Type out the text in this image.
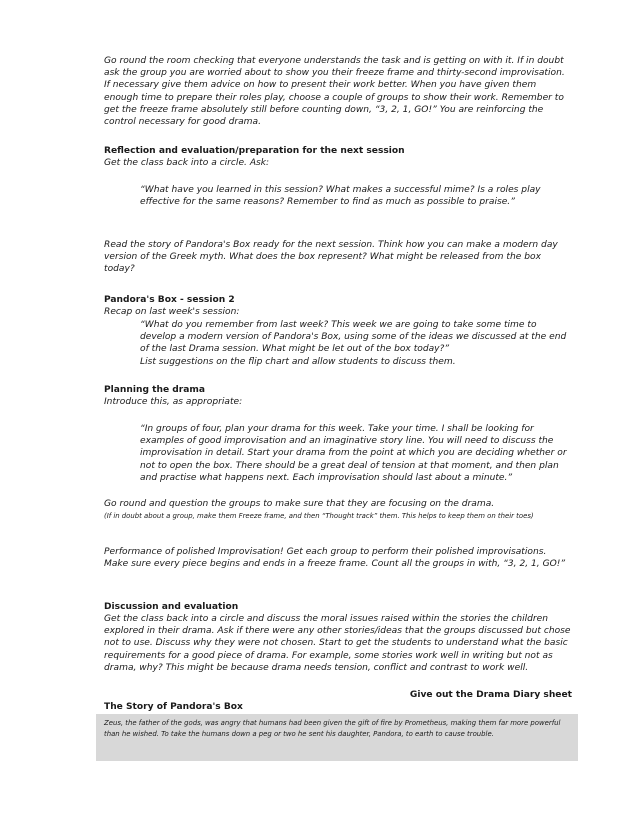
Go round the room checking that everyone understands the task and is getting on with it. If in doubt ask the group you are worried about to show you their freeze frame and thirty-second improvisation. If necessary give them advice on how to present their work better. When you have given them enough time to prepare their roles play, choose a couple of groups to show their work. Remember to get the freeze frame absolutely still before counting down, “3, 2, 1, GO!” You are reinforcing the control necessary for good drama.

Reflection and evaluation/preparation for the next session

Get the class back into a circle. Ask:

“What have you learned in this session? What makes a successful mime? Is a roles play effective for the same reasons? Remember to find as much as possible to praise.”

Read the story of Pandora's Box ready for the next session. Think how you can make a modern day version of the Greek myth. What does the box represent? What might be released from the box today?

Pandora's Box - session 2

Recap on last week's session:

“What do you remember from last week? This week we are going to take some time to develop a modern version of Pandora's Box, using some of the ideas we discussed at the end of the last Drama session. What might be let out of the box today?”

List suggestions on the flip chart and allow students to discuss them.

Planning the drama

Introduce this, as appropriate:

“In groups of four, plan your drama for this week. Take your time. I shall be looking for examples of good improvisation and an imaginative story line. You will need to discuss the improvisation in detail. Start your drama from the point at which you are deciding whether or not to open the box. There should be a great deal of tension at that moment, and then plan and practise what happens next. Each improvisation should last about a minute.”

Go round and question the groups to make sure that they are focusing on the drama.

(If in doubt about a group, make them Freeze frame, and then “Thought track” them. This helps to keep them on their toes)

Performance of polished Improvisation! Get each group to perform their polished improvisations. Make sure every piece begins and ends in a freeze frame. Count all the groups in with, “3, 2, 1, GO!”

Discussion and evaluation

Get the class back into a circle and discuss the moral issues raised within the stories the children explored in their drama. Ask if there were any other stories/ideas that the groups discussed but chose not to use. Discuss why they were not chosen. Start to get the students to understand what the basic requirements for a good piece of drama. For example, some stories work well in writing but not as drama, why? This might be because drama needs tension, conflict and contrast to work well.

Give out the Drama Diary sheet

The Story of Pandora's Box

Zeus, the father of the gods, was angry that humans had been given the gift of fire by Prometheus, making them far more powerful than he wished. To take the humans down a peg or two he sent his daughter, Pandora, to earth to cause trouble.
